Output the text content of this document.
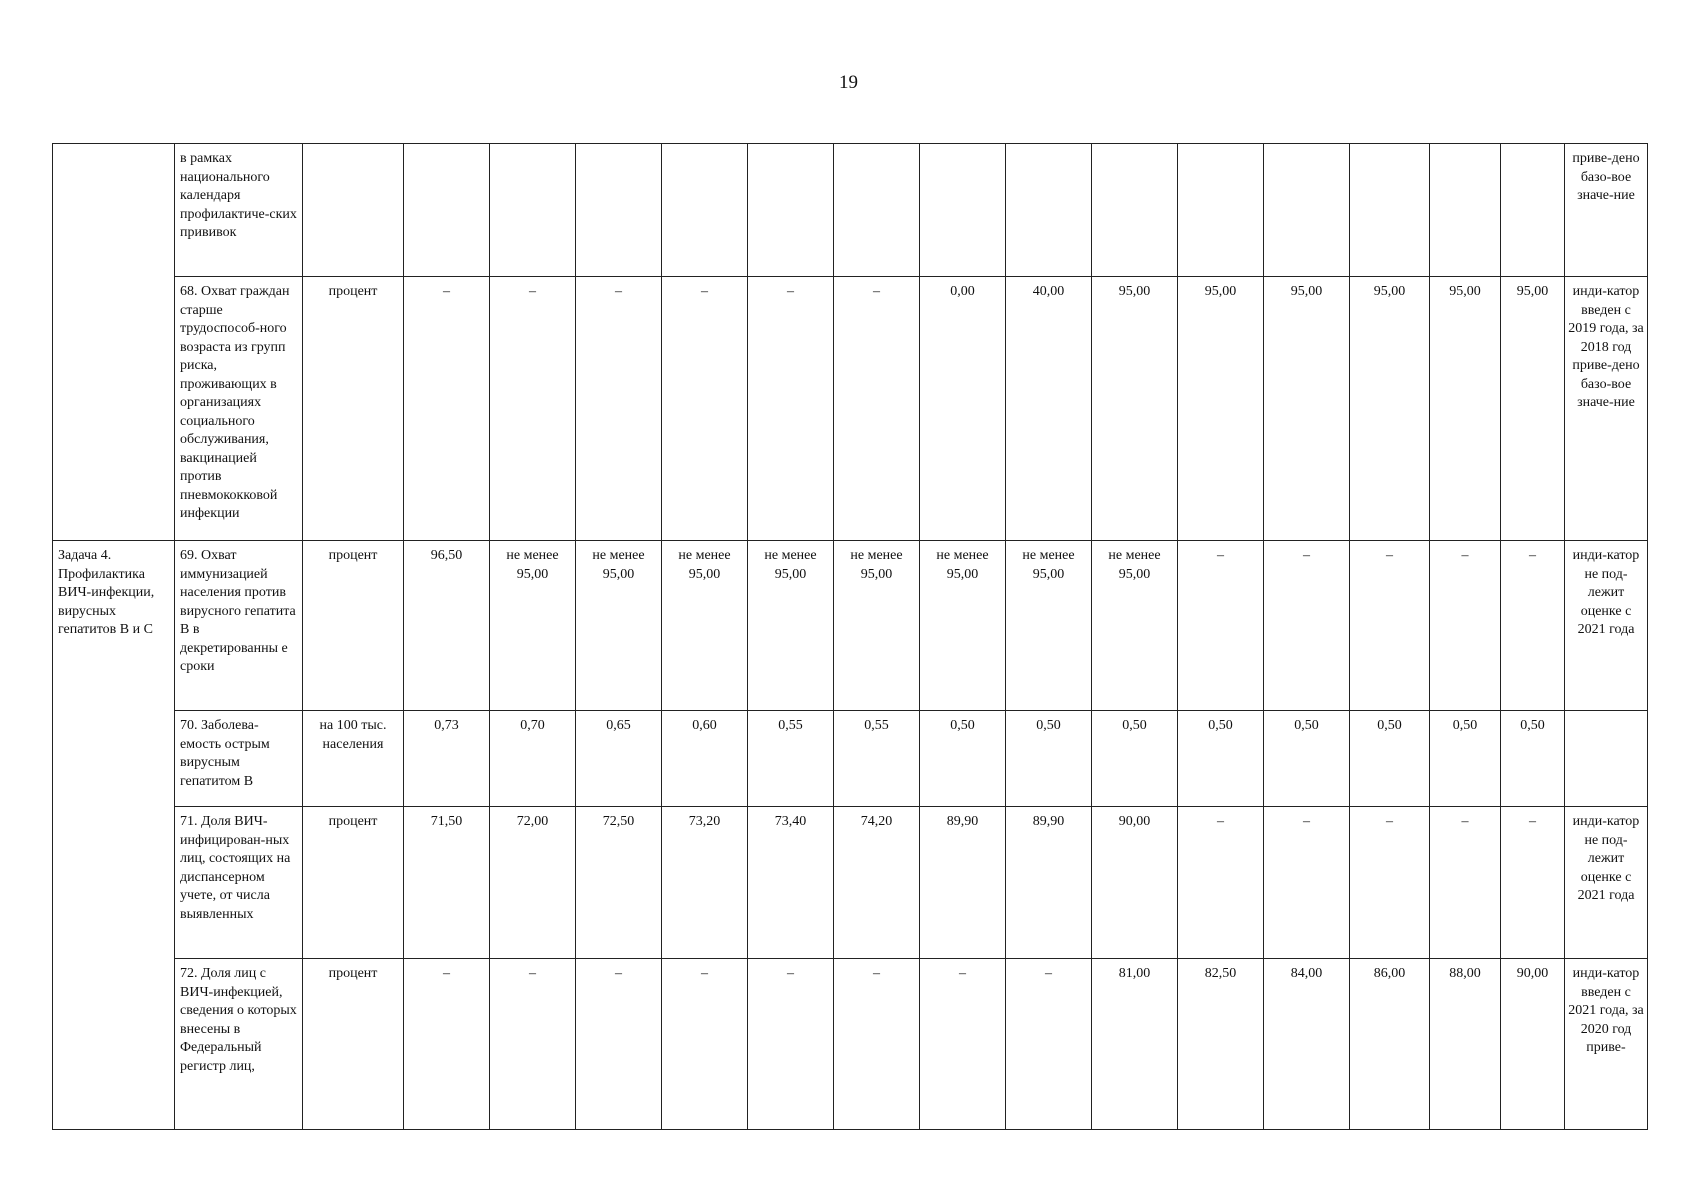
19
	в рамках национального календаря профилактиче-ских прививок																приве-дено базо-вое значе-ние
	68. Охват граждан старше трудоспособ-ного возраста из групп риска, проживающих в организациях социального обслуживания, вакцинацией против пневмококковой инфекции	процент	–	–	–	–	–	–	0,00	40,00	95,00	95,00	95,00	95,00	95,00	95,00	инди-катор введен с 2019 года, за 2018 год приве-дено базо-вое значе-ние
Задача 4. Профилактика ВИЧ-инфекции, вирусных гепатитов В и С	69. Охват иммунизацией населения против вирусного гепатита В в декретированны е сроки	процент	96,50	не менее 95,00	не менее 95,00	не менее 95,00	не менее 95,00	не менее 95,00	не менее 95,00	не менее 95,00	не менее 95,00	–	–	–	–	–	инди-катор не под-лежит оценке с 2021 года
	70. Заболева-емость острым вирусным гепатитом В	на 100 тыс. населения	0,73	0,70	0,65	0,60	0,55	0,55	0,50	0,50	0,50	0,50	0,50	0,50	0,50	0,50	
	71. Доля ВИЧ-инфицирован-ных лиц, состоящих на диспансерном учете, от числа выявленных	процент	71,50	72,00	72,50	73,20	73,40	74,20	89,90	89,90	90,00	–	–	–	–	–	инди-катор не под-лежит оценке с 2021 года
	72. Доля лиц с ВИЧ-инфекцией, сведения о которых внесены в Федеральный регистр лиц,	процент	–	–	–	–	–	–	–	–	81,00	82,50	84,00	86,00	88,00	90,00	инди-катор введен с 2021 года, за 2020 год приве-
